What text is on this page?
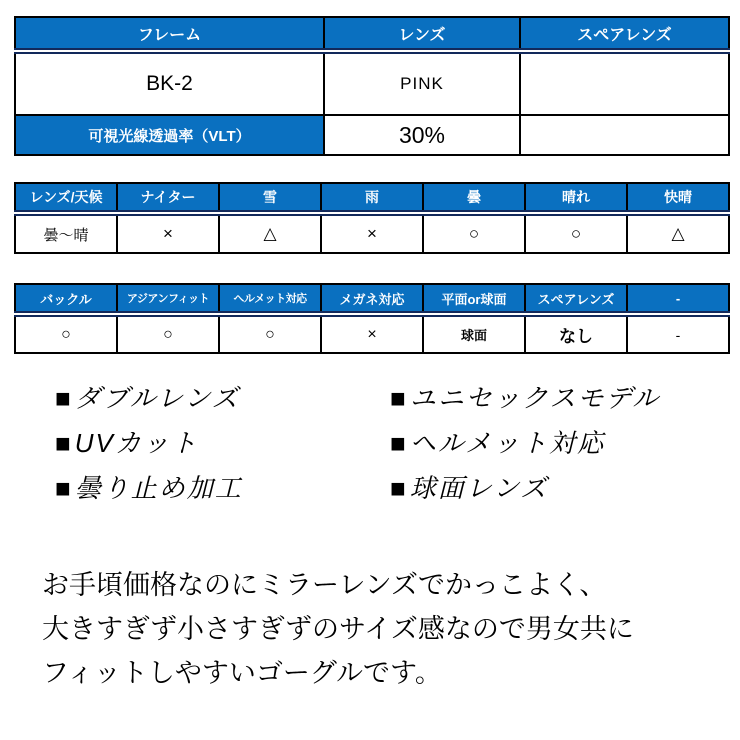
フレーム	レンズ	スペアレンズ
BK-2	PINK	
可視光線透過率（VLT）	30%	
レンズ/天候	ナイター	雪	雨	曇	晴れ	快晴
曇〜晴	×	△	×	○	○	△
バックル	アジアンフィット	ヘルメット対応	メガネ対応	平面or球面	スペアレンズ	-
○	○	○	×	球面	なし	-
■ダブルレンズ	■ユニセックスモデル
■UVカット	■ヘルメット対応
■曇り止め加工	■球面レンズ
お手頃価格なのにミラーレンズでかっこよく、
大きすぎず小さすぎずのサイズ感なので男女共に
フィットしやすいゴーグルです。
